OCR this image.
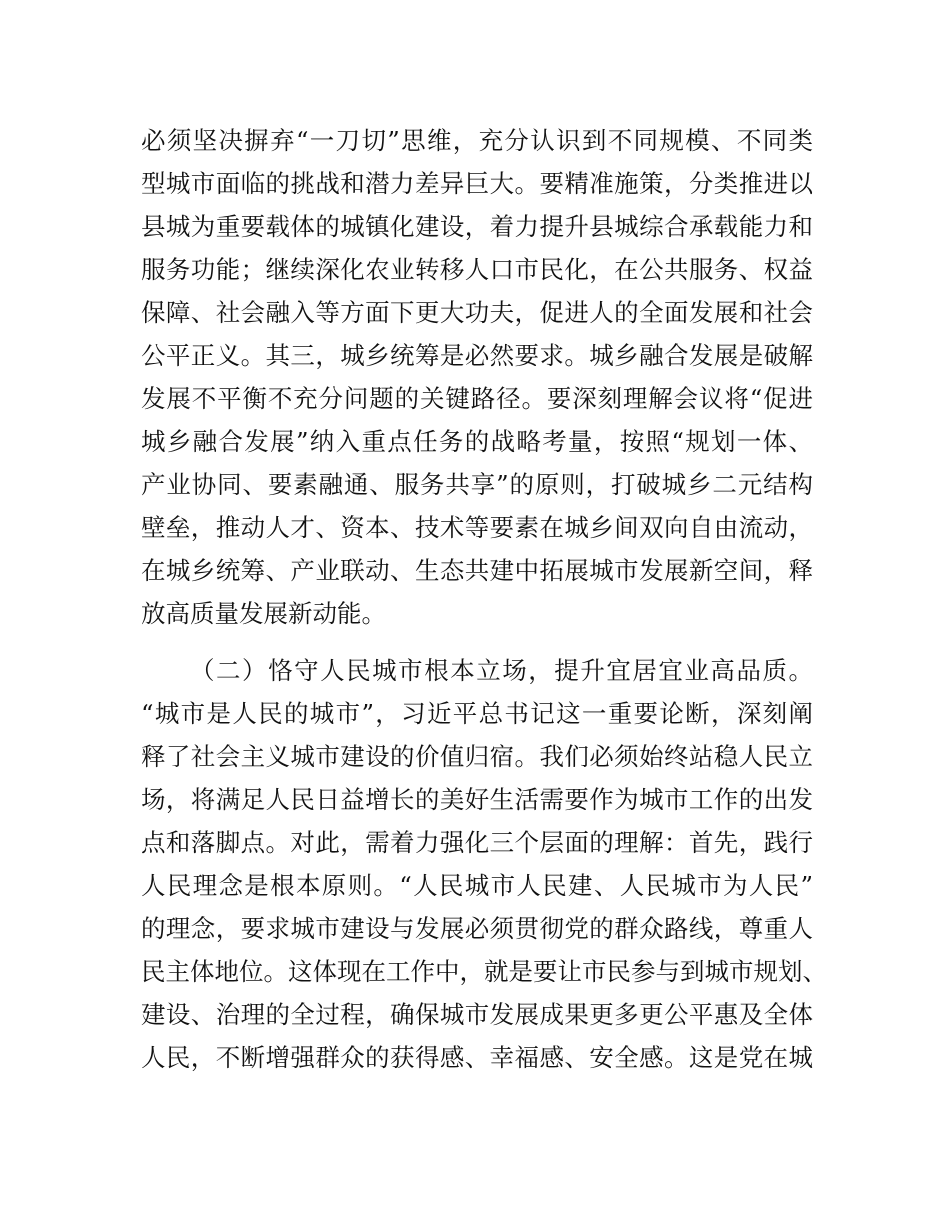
必须坚决摒弃“一刀切”思维，充分认识到不同规模、不同类
型城市面临的挑战和潜力差异巨大。要精准施策，分类推进以
县城为重要载体的城镇化建设，着力提升县城综合承载能力和
服务功能；继续深化农业转移人口市民化，在公共服务、权益
保障、社会融入等方面下更大功夫，促进人的全面发展和社会
公平正义。其三，城乡统筹是必然要求。城乡融合发展是破解
发展不平衡不充分问题的关键路径。要深刻理解会议将“促进
城乡融合发展”纳入重点任务的战略考量，按照“规划一体、
产业协同、要素融通、服务共享”的原则，打破城乡二元结构
壁垒，推动人才、资本、技术等要素在城乡间双向自由流动，
在城乡统筹、产业联动、生态共建中拓展城市发展新空间，释
放高质量发展新动能。
（二）恪守人民城市根本立场，提升宜居宜业高品质。
“城市是人民的城市”，习近平总书记这一重要论断，深刻阐
释了社会主义城市建设的价值归宿。我们必须始终站稳人民立
场，将满足人民日益增长的美好生活需要作为城市工作的出发
点和落脚点。对此，需着力强化三个层面的理解：首先，践行
人民理念是根本原则。“人民城市人民建、人民城市为人民”
的理念，要求城市建设与发展必须贯彻党的群众路线，尊重人
民主体地位。这体现在工作中，就是要让市民参与到城市规划、
建设、治理的全过程，确保城市发展成果更多更公平惠及全体
人民，不断增强群众的获得感、幸福感、安全感。这是党在城
